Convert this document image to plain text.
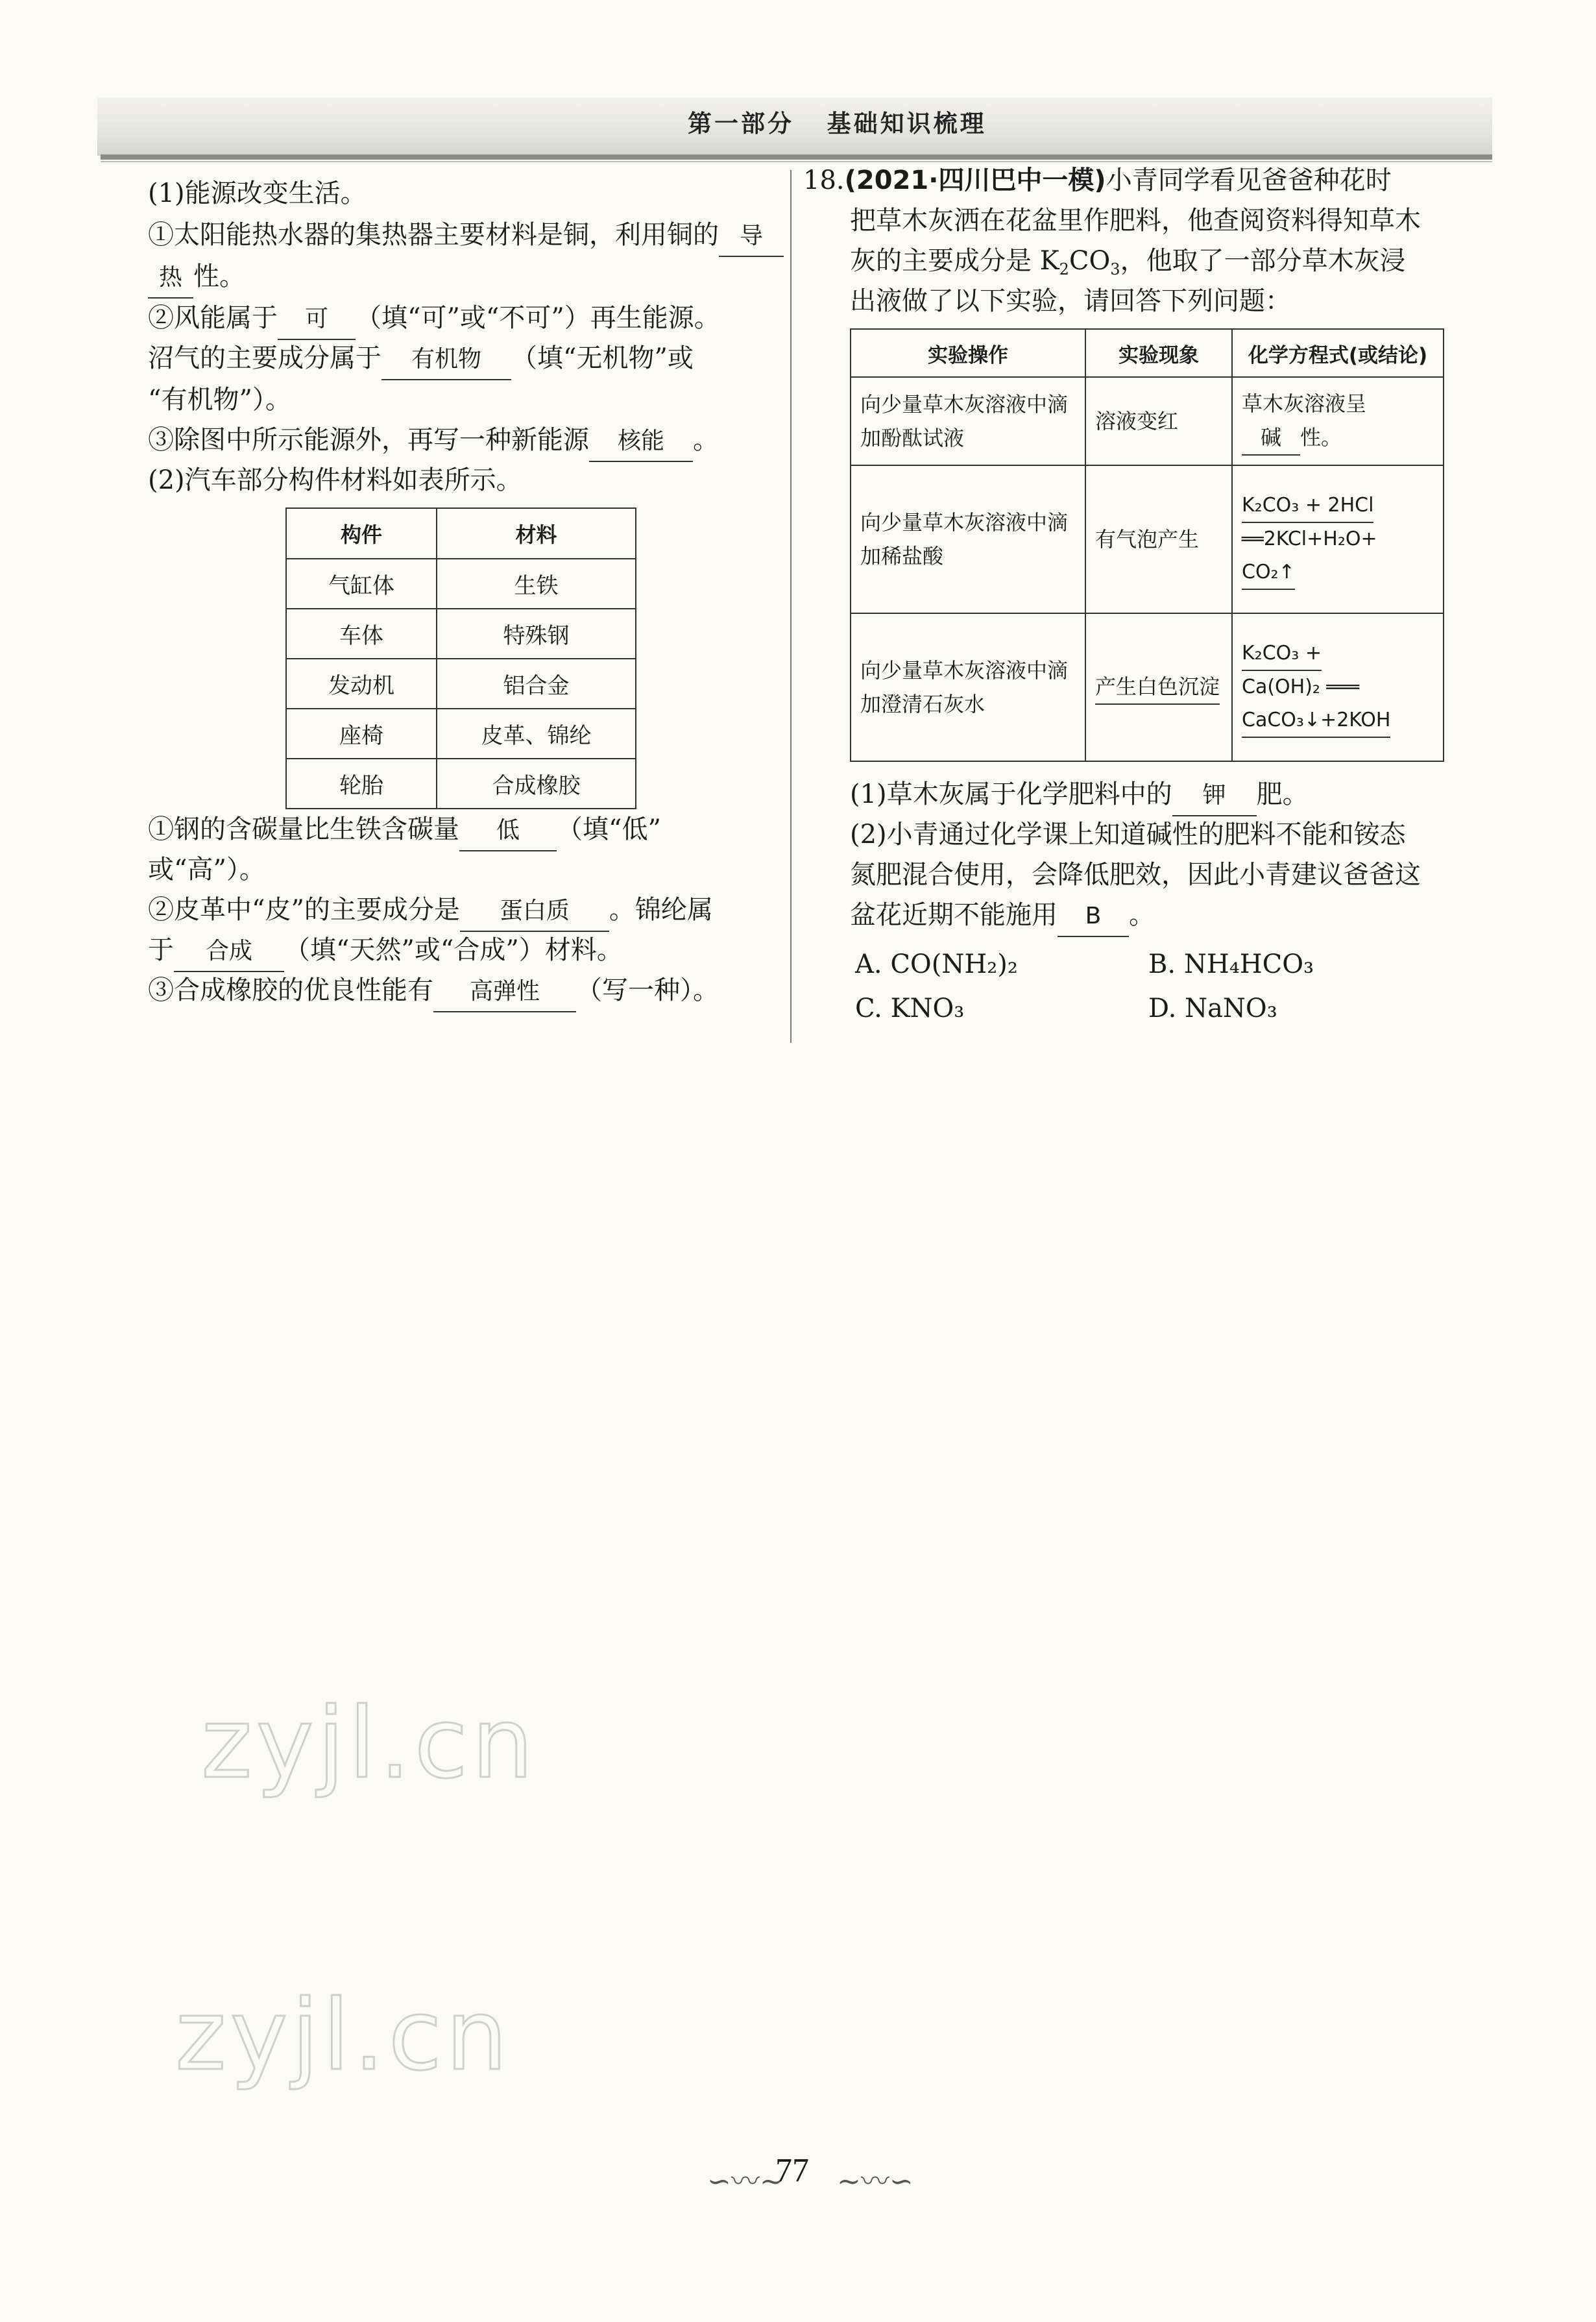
第一部分   基础知识梳理
(1)能源改变生活。
①太阳能热水器的集热器主要材料是铜，利用铜的 导
热 性。
②风能属于 可 （填“可”或“不可”）再生能源。
沼气的主要成分属于 有机物 （填“无机物”或
“有机物”）。
③除图中所示能源外，再写一种新能源 核能 。
(2)汽车部分构件材料如表所示。
构件	材料
气缸体	生铁
车体	特殊钢
发动机	铝合金
座椅	皮革、锦纶
轮胎	合成橡胶
①钢的含碳量比生铁含碳量 低 （填“低”
或“高”）。
②皮革中“皮”的主要成分是 蛋白质 。锦纶属
于 合成 （填“天然”或“合成”）材料。
③合成橡胶的优良性能有 高弹性 （写一种）。
18.(2021·四川巴中一模)小青同学看见爸爸种花时
把草木灰洒在花盆里作肥料，他查阅资料得知草木
灰的主要成分是 $K_2CO_3$，他取了一部分草木灰浸
出液做了以下实验，请回答下列问题：
实验操作	实验现象	化学方程式(或结论)
向少量草木灰溶液中滴加酚酞试液	溶液变红	草木灰溶液呈
碱 性。
向少量草木灰溶液中滴加稀盐酸	有气泡产生	K₂CO₃ + 2HCl
══2KCl+H₂O+
CO₂↑
向少量草木灰溶液中滴加澄清石灰水	产生白色沉淀	K₂CO₃ +
Ca(OH)₂ ═══
CaCO₃↓+2KOH
(1)草木灰属于化学肥料中的 钾 肥。
(2)小青通过化学课上知道碱性的肥料不能和铵态
氮肥混合使用，会降低肥效，因此小青建议爸爸这
盆花近期不能施用 B 。
A. CO(NH₂)₂	B. NH₄HCO₃
C. KNO₃	D. NaNO₃
zyjl.cn
zyjl.cn
∽〰~
77 ~〰∽
